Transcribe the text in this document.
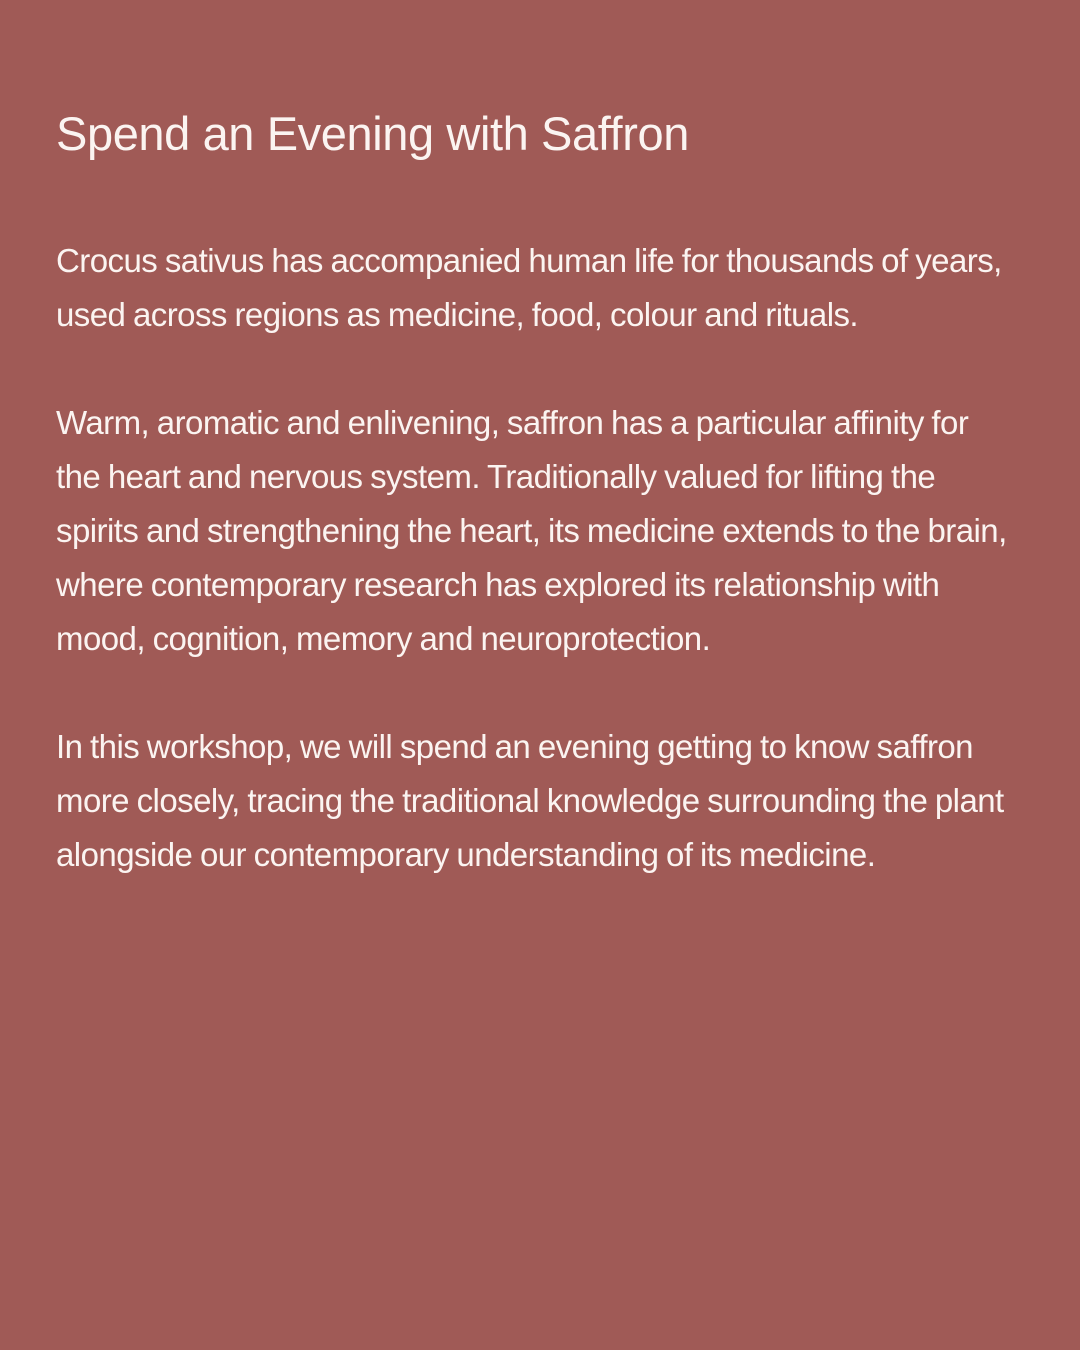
Spend an Evening with Saffron

Crocus sativus has accompanied human life for thousands of years, used across regions as medicine, food, colour and rituals.

Warm, aromatic and enlivening, saffron has a particular affinity for the heart and nervous system. Traditionally valued for lifting the spirits and strengthening the heart, its medicine extends to the brain, where contemporary research has explored its relationship with mood, cognition, memory and neuroprotection.

In this workshop, we will spend an evening getting to know saffron more closely, tracing the traditional knowledge surrounding the plant alongside our contemporary understanding of its medicine.
